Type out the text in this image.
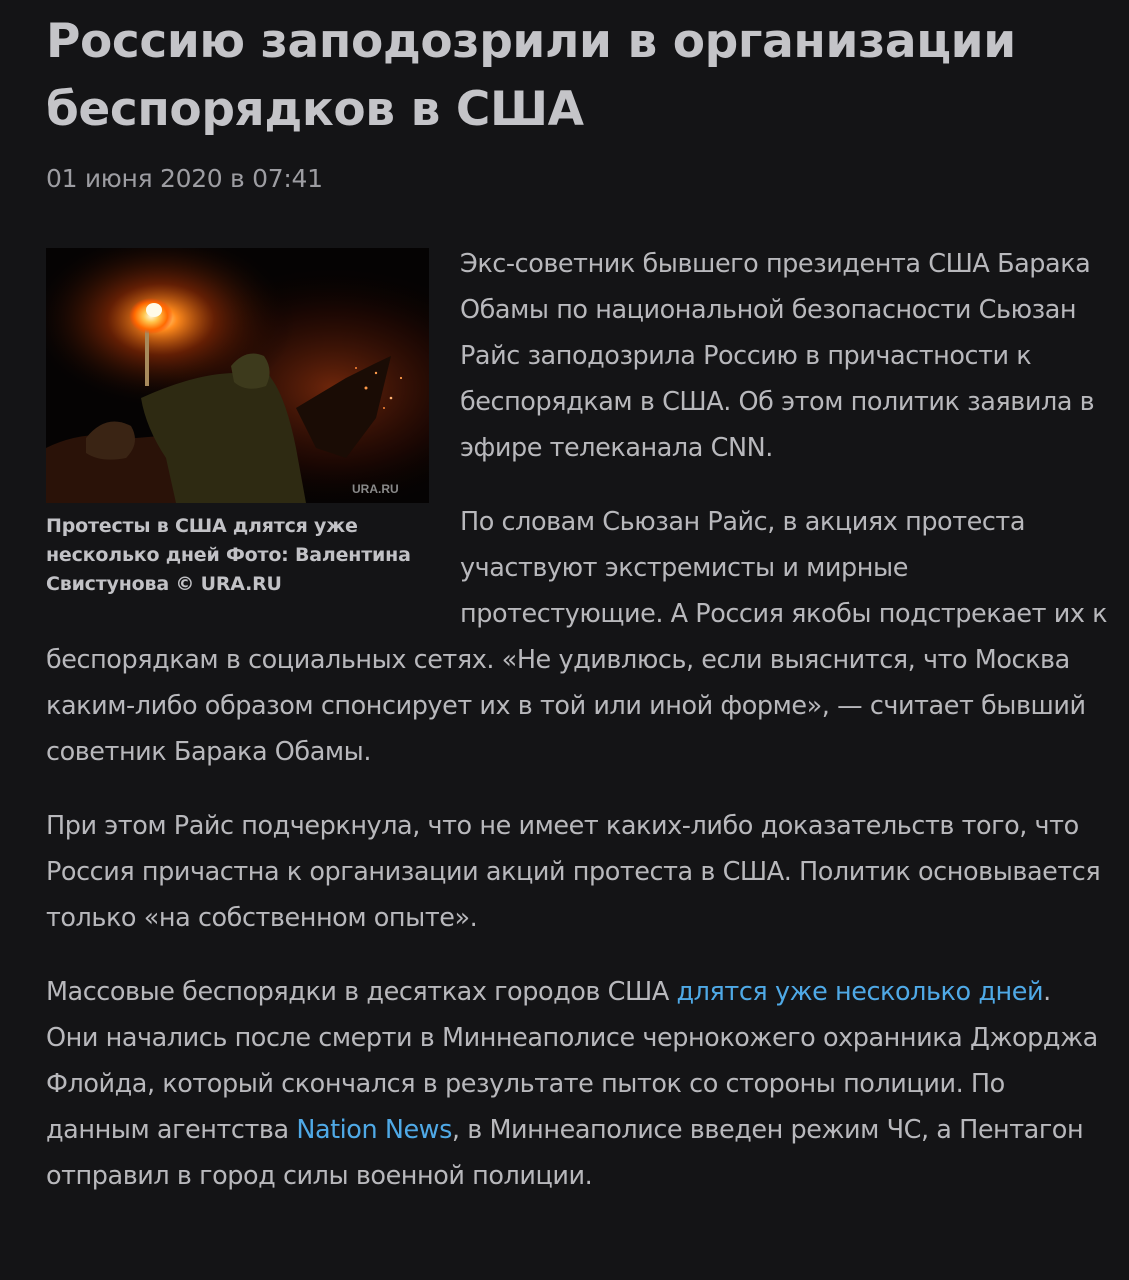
Россию заподозрили в организации беспорядков в США
01 июня 2020 в 07:41
URA.RU
Протесты в США длятся уже несколько дней Фото: Валентина Свистунова © URA.RU

Экс-советник бывшего президента США Барака Обамы по национальной безопасности Сьюзан Райс заподозрила Россию в причастности к беспорядкам в США. Об этом политик заявила в эфире телеканала CNN.

По словам Сьюзан Райс, в акциях протеста участвуют экстремисты и мирные протестующие. А Россия якобы подстрекает их к беспорядкам в социальных сетях. «Не удивлюсь, если выяснится, что Москва каким-либо образом спонсирует их в той или иной форме», — считает бывший советник Барака Обамы.

При этом Райс подчеркнула, что не имеет каких-либо доказательств того, что Россия причастна к организации акций протеста в США. Политик основывается только «на собственном опыте».

Массовые беспорядки в десятках городов США длятся уже несколько дней. Они начались после смерти в Миннеаполисе чернокожего охранника Джорджа Флойда, который скончался в результате пыток со стороны полиции. По данным агентства Nation News, в Миннеаполисе введен режим ЧС, а Пентагон отправил в город силы военной полиции.
